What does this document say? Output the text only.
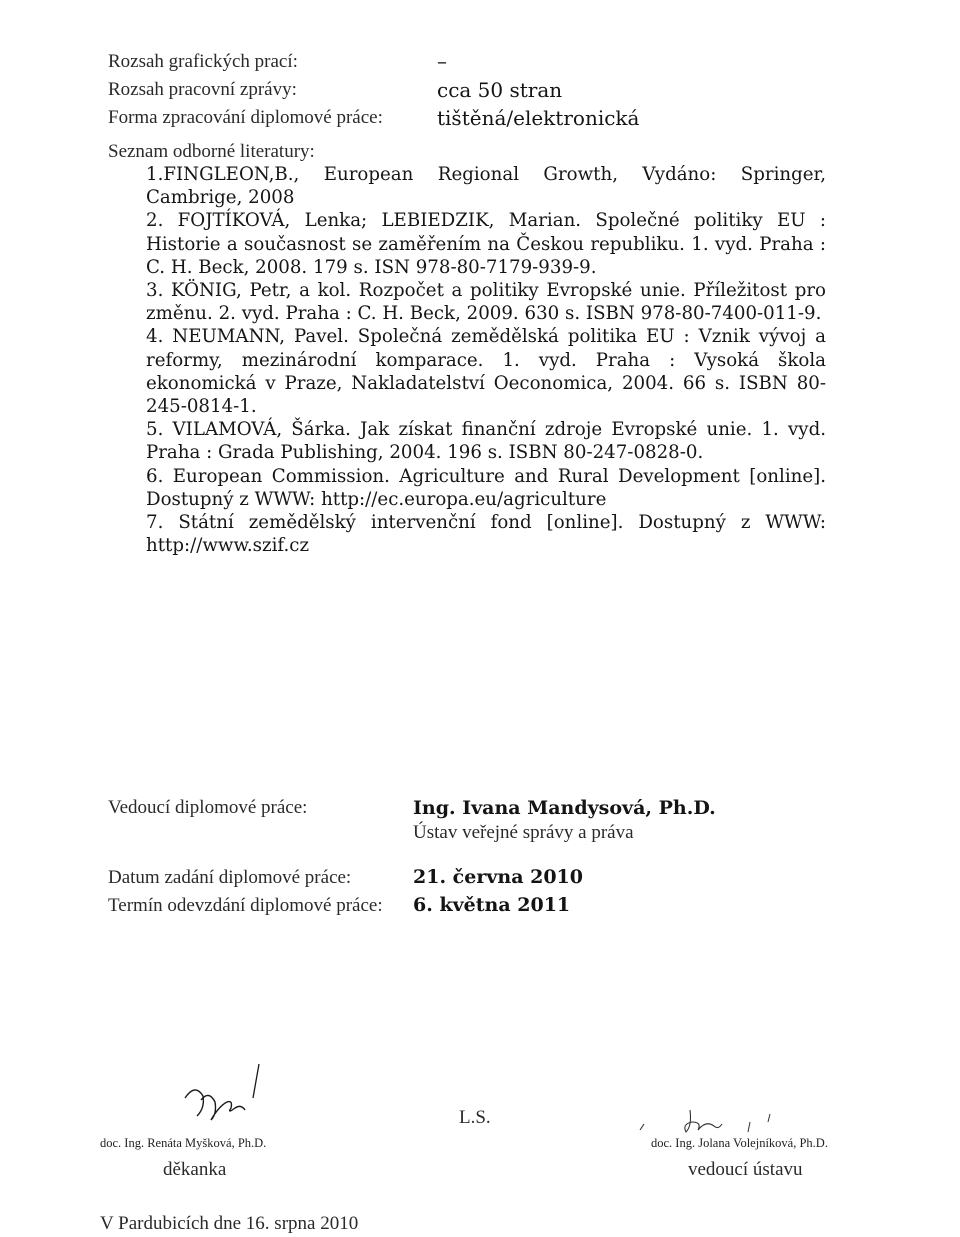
Rozsah grafických prací:	–
Rozsah pracovní zprávy:	cca 50 stran
Forma zpracování diplomové práce:	tištěná/elektronická
Seznam odborné literatury:

1.FINGLEON,B., European Regional Growth, Vydáno: Springer, Cambrige, 2008

2. FOJTÍKOVÁ, Lenka; LEBIEDZIK, Marian. Společné politiky EU : Historie a současnost se zaměřením na Českou republiku. 1. vyd. Praha : C. H. Beck, 2008. 179 s. ISN 978-80-7179-939-9.

3. KÖNIG, Petr, a kol. Rozpočet a politiky Evropské unie. Příležitost pro změnu. 2. vyd. Praha : C. H. Beck, 2009. 630 s. ISBN 978-80-7400-011-9.

4. NEUMANN, Pavel. Společná zemědělská politika EU : Vznik vývoj a reformy, mezinárodní komparace. 1. vyd. Praha : Vysoká škola ekonomická v Praze, Nakladatelství Oeconomica, 2004. 66 s. ISBN 80-245-0814-1.

5. VILAMOVÁ, Šárka. Jak získat finanční zdroje Evropské unie. 1. vyd. Praha : Grada Publishing, 2004. 196 s. ISBN 80-247-0828-0.

6. European Commission. Agriculture and Rural Development [online]. Dostupný z WWW: http://ec.europa.eu/agriculture

7. Státní zemědělský intervenční fond [online]. Dostupný z WWW: http://www.szif.cz

Vedoucí diplomové práce:	Ing. Ivana Mandysová, Ph.D.
Ústav veřejné správy a práva
Datum zadání diplomové práce:	21. června 2010
Termín odevzdání diplomové práce: 6. května 2011
doc. Ing. Renáta Myšková, Ph.D.
děkanka
L.S.
doc. Ing. Jolana Volejníková, Ph.D.
vedoucí ústavu
V Pardubicích dne 16. srpna 2010
